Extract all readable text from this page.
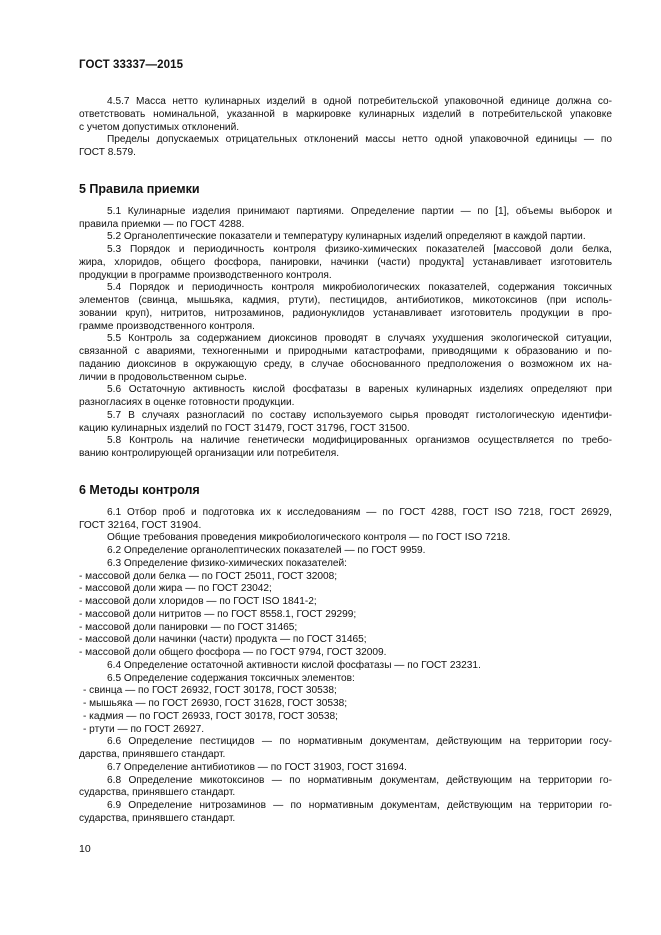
ГОСТ 33337—2015
4.5.7 Масса нетто кулинарных изделий в одной потребительской упаковочной единице должна со-
ответствовать номинальной, указанной в маркировке кулинарных изделий в потребительской упаковке
с учетом допустимых отклонений.
Пределы допускаемых отрицательных отклонений массы нетто одной упаковочной единицы — по
ГОСТ 8.579.
5 Правила приемки
5.1 Кулинарные изделия принимают партиями. Определение партии — по [1], объемы выборок и
правила приемки — по ГОСТ 4288.
5.2 Органолептические показатели и температуру кулинарных изделий определяют в каждой партии.
5.3 Порядок и периодичность контроля физико-химических показателей [массовой доли белка,
жира, хлоридов, общего фосфора, панировки, начинки (части) продукта] устанавливает изготовитель
продукции в программе производственного контроля.
5.4 Порядок и периодичность контроля микробиологических показателей, содержания токсичных
элементов (свинца, мышьяка, кадмия, ртути), пестицидов, антибиотиков, микотоксинов (при исполь-
зовании круп), нитритов, нитрозаминов, радионуклидов устанавливает изготовитель продукции в про-
грамме производственного контроля.
5.5 Контроль за содержанием диоксинов проводят в случаях ухудшения экологической ситуации,
связанной с авариями, техногенными и природными катастрофами, приводящими к образованию и по-
паданию диоксинов в окружающую среду, в случае обоснованного предположения о возможном их на-
личии в продовольственном сырье.
5.6 Остаточную активность кислой фосфатазы в вареных кулинарных изделиях определяют при
разногласиях в оценке готовности продукции.
5.7 В случаях разногласий по составу используемого сырья проводят гистологическую идентифи-
кацию кулинарных изделий по ГОСТ 31479, ГОСТ 31796, ГОСТ 31500.
5.8 Контроль на наличие генетически модифицированных организмов осуществляется по требо-
ванию контролирующей организации или потребителя.
6 Методы контроля
6.1 Отбор проб и подготовка их к исследованиям — по ГОСТ 4288, ГОСТ ISO 7218, ГОСТ 26929,
ГОСТ 32164, ГОСТ 31904.
Общие требования проведения микробиологического контроля — по ГОСТ ISO 7218.
6.2 Определение органолептических показателей — по ГОСТ 9959.
6.3 Определение физико-химических показателей:
- массовой доли белка — по ГОСТ 25011, ГОСТ 32008;
- массовой доли жира — по ГОСТ 23042;
- массовой доли хлоридов — по ГОСТ ISO 1841-2;
- массовой доли нитритов — по ГОСТ 8558.1, ГОСТ 29299;
- массовой доли панировки — по ГОСТ 31465;
- массовой доли начинки (части) продукта — по ГОСТ 31465;
- массовой доли общего фосфора — по ГОСТ 9794, ГОСТ 32009.
6.4 Определение остаточной активности кислой фосфатазы — по ГОСТ 23231.
6.5 Определение содержания токсичных элементов:
- свинца — по ГОСТ 26932, ГОСТ 30178, ГОСТ 30538;
- мышьяка — по ГОСТ 26930, ГОСТ 31628, ГОСТ 30538;
- кадмия — по ГОСТ 26933, ГОСТ 30178, ГОСТ 30538;
- ртути — по ГОСТ 26927.
6.6 Определение пестицидов — по нормативным документам, действующим на территории госу-
дарства, принявшего стандарт.
6.7 Определение антибиотиков — по ГОСТ 31903, ГОСТ 31694.
6.8 Определение микотоксинов — по нормативным документам, действующим на территории го-
сударства, принявшего стандарт.
6.9 Определение нитрозаминов — по нормативным документам, действующим на территории го-
сударства, принявшего стандарт.
10
